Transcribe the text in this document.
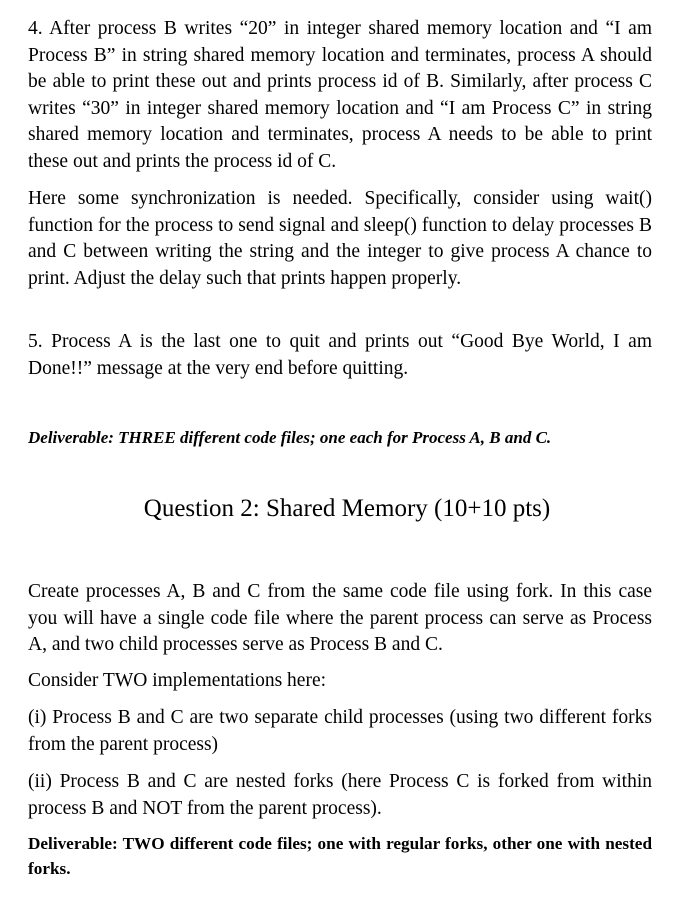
4. After process B writes “20” in integer shared memory location and “I am Process B” in string shared memory location and terminates, process A should be able to print these out and prints process id of B. Similarly, after process C writes “30” in integer shared memory location and “I am Process C” in string shared memory location and terminates, process A needs to be able to print these out and prints the process id of C.

Here some synchronization is needed. Specifically, consider using wait() function for the process to send signal and sleep() function to delay processes B and C between writing the string and the integer to give process A chance to print. Adjust the delay such that prints happen properly.

5. Process A is the last one to quit and prints out “Good Bye World, I am Done!!” message at the very end before quitting.

Deliverable: THREE different code files; one each for Process A, B and C.

Question 2: Shared Memory (10+10 pts)

Create processes A, B and C from the same code file using fork. In this case you will have a single code file where the parent process can serve as Process A, and two child processes serve as Process B and C.

Consider TWO implementations here:

(i) Process B and C are two separate child processes (using two different forks from the parent process)

(ii) Process B and C are nested forks (here Process C is forked from within process B and NOT from the parent process).

Deliverable: TWO different code files; one with regular forks, other one with nested forks.
